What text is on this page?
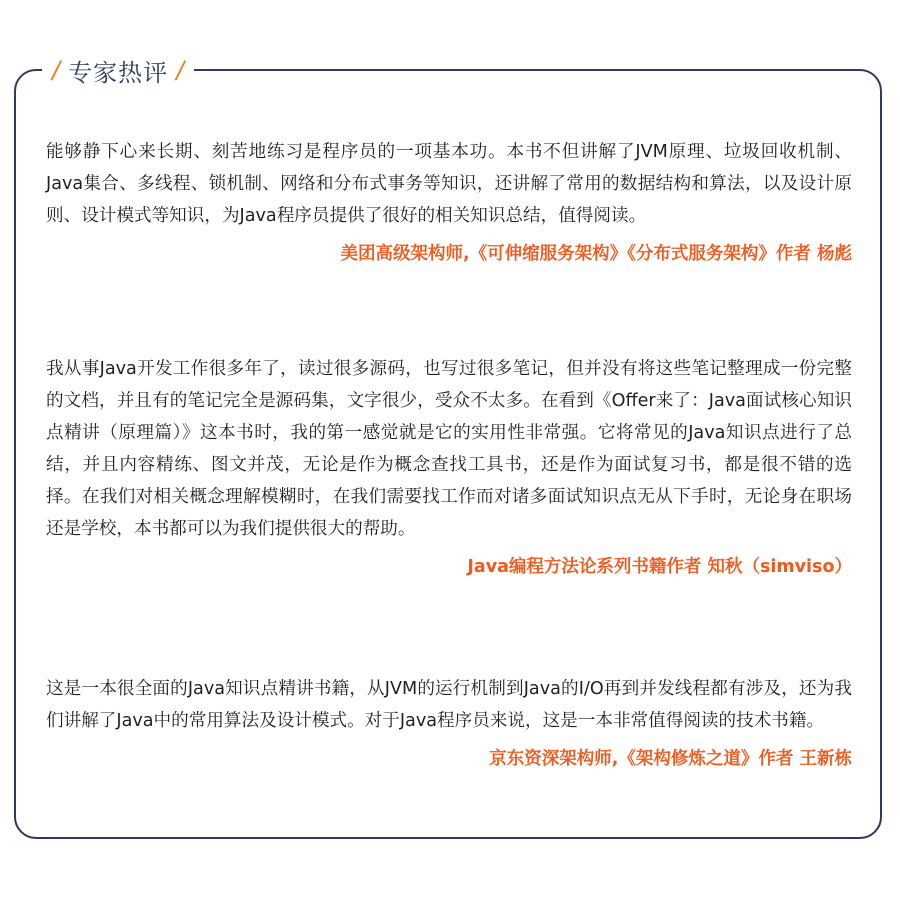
/ 专家热评 /

能够静下心来长期、刻苦地练习是程序员的一项基本功。本书不但讲解了JVM原理、垃圾回收机制、Java集合、多线程、锁机制、网络和分布式事务等知识，还讲解了常用的数据结构和算法，以及设计原则、设计模式等知识，为Java程序员提供了很好的相关知识总结，值得阅读。

美团高级架构师,《可伸缩服务架构》《分布式服务架构》作者 杨彪

我从事Java开发工作很多年了，读过很多源码，也写过很多笔记，但并没有将这些笔记整理成一份完整的文档，并且有的笔记完全是源码集，文字很少，受众不太多。在看到《Offer来了：Java面试核心知识点精讲（原理篇）》这本书时，我的第一感觉就是它的实用性非常强。它将常见的Java知识点进行了总结，并且内容精练、图文并茂，无论是作为概念查找工具书，还是作为面试复习书，都是很不错的选择。在我们对相关概念理解模糊时，在我们需要找工作而对诸多面试知识点无从下手时，无论身在职场还是学校，本书都可以为我们提供很大的帮助。

Java编程方法论系列书籍作者 知秋（simviso）

这是一本很全面的Java知识点精讲书籍，从JVM的运行机制到Java的I/O再到并发线程都有涉及，还为我们讲解了Java中的常用算法及设计模式。对于Java程序员来说，这是一本非常值得阅读的技术书籍。

京东资深架构师,《架构修炼之道》作者 王新栋
